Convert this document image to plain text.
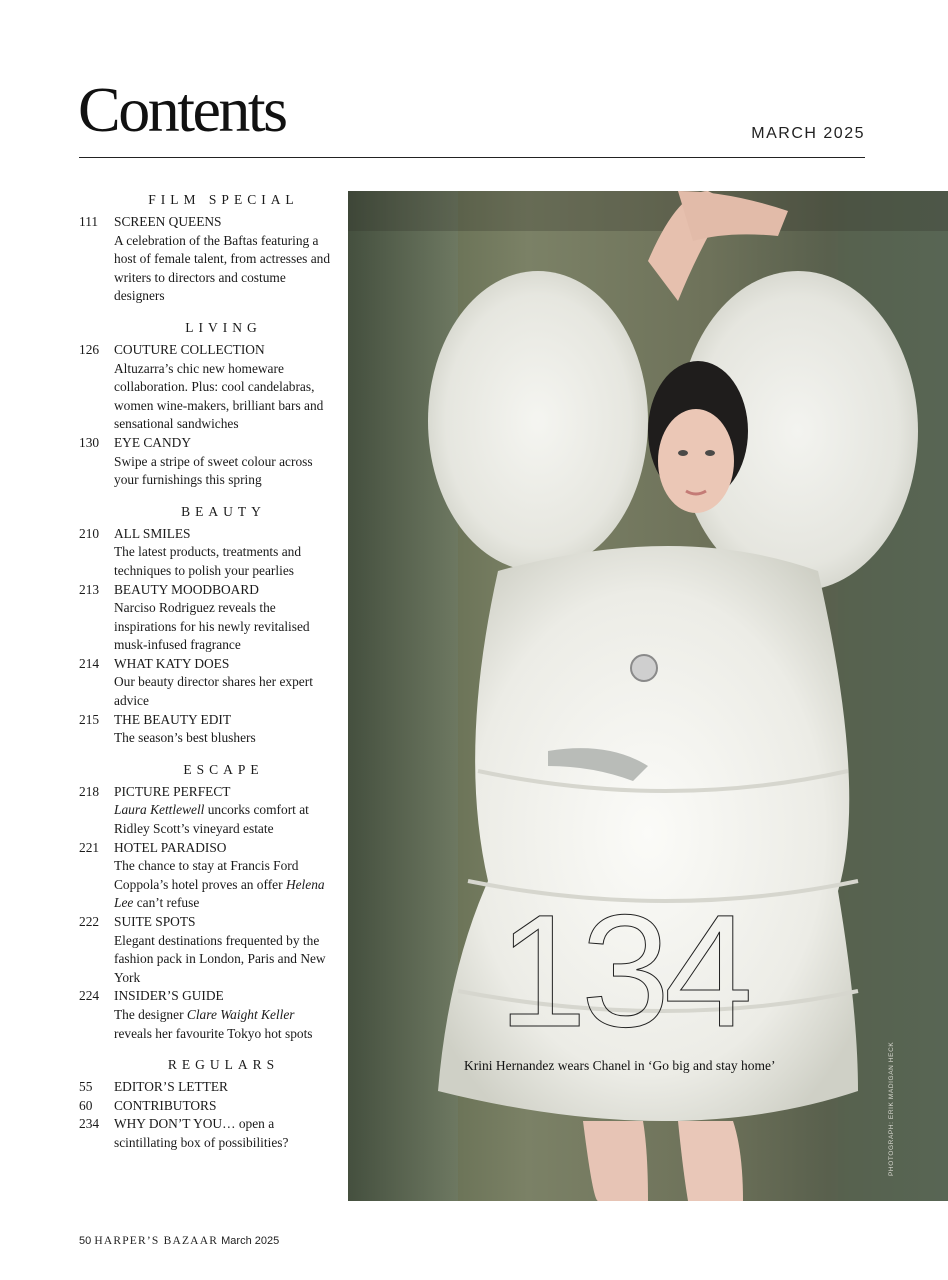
Contents	MARCH 2025
FILM SPECIAL
111	SCREEN QUEENS
A celebration of the Baftas featuring a host of female talent, from actresses and writers to directors and costume designers
LIVING
126	COUTURE COLLECTION
Altuzarra’s chic new homeware collaboration. Plus: cool candelabras, women wine-makers, brilliant bars and sensational sandwiches
130	EYE CANDY
Swipe a stripe of sweet colour across your furnishings this spring
BEAUTY
210	ALL SMILES
The latest products, treatments and techniques to polish your pearlies
213	BEAUTY MOODBOARD
Narciso Rodriguez reveals the inspirations for his newly revitalised musk-infused fragrance
214	WHAT KATY DOES
Our beauty director shares her expert advice
215	THE BEAUTY EDIT
The season’s best blushers
ESCAPE
218	PICTURE PERFECT
Laura Kettlewell uncorks comfort at Ridley Scott’s vineyard estate
221	HOTEL PARADISO
The chance to stay at Francis Ford Coppola’s hotel proves an offer Helena Lee can’t refuse
222	SUITE SPOTS
Elegant destinations frequented by the fashion pack in London, Paris and New York
224	INSIDER’S GUIDE
The designer Clare Waight Keller reveals her favourite Tokyo hot spots
REGULARS
55	EDITOR’S LETTER
60	CONTRIBUTORS
234	WHY DON’T YOU… open a scintillating box of possibilities?
134
Krini Hernandez wears Chanel in ‘Go big and stay home’	PHOTOGRAPH: ERIK MADIGAN HECK
50 HARPER’S BAZAAR March 2025
